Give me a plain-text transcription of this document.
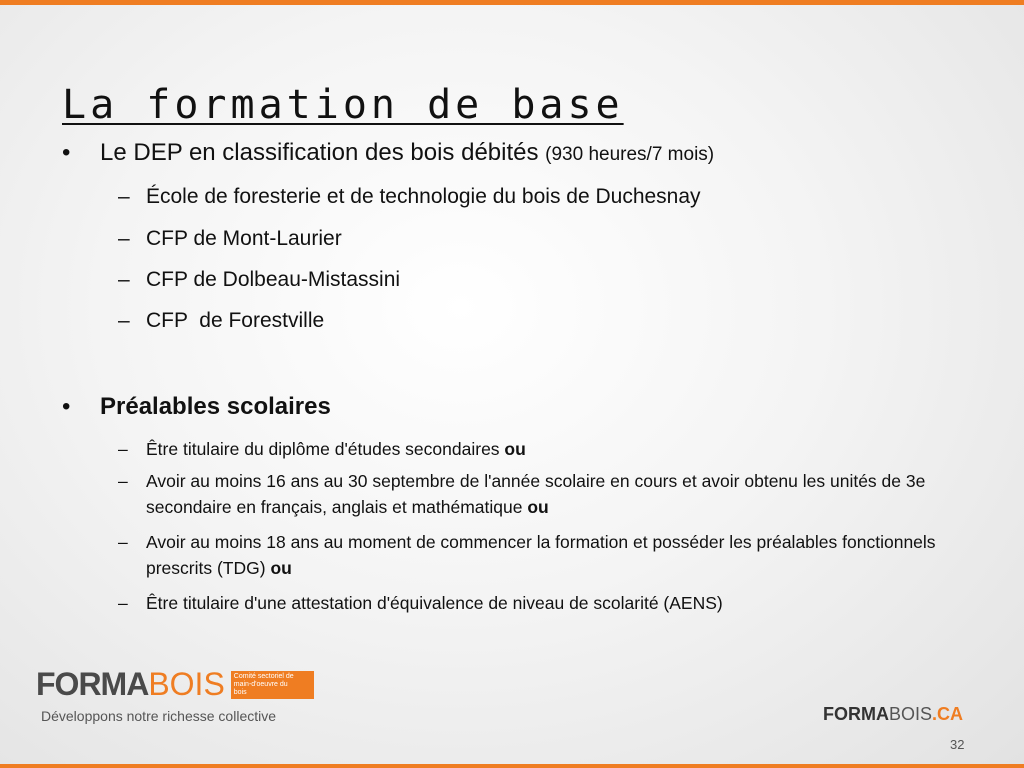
La formation de base
•	Le DEP en classification des bois débités (930 heures/7 mois)
– École de foresterie et de technologie du bois de Duchesnay
– CFP de Mont-Laurier
– CFP de Dolbeau-Mistassini
– CFP  de Forestville
•	Préalables scolaires
–	Être titulaire du diplôme d'études secondaires ou
–	Avoir au moins 16 ans au 30 septembre de l'année scolaire en cours et avoir obtenu les unités de 3e secondaire en français, anglais et mathématique ou
–	Avoir au moins 18 ans au moment de commencer la formation et posséder les préalables fonctionnels prescrits (TDG) ou
–	Être titulaire d'une attestation d'équivalence de niveau de scolarité (AENS)
FORMA BOIS	Comité sectoriel de main-d'oeuvre du bois
Développons notre richesse collective	FORMABOIS.CA
32
